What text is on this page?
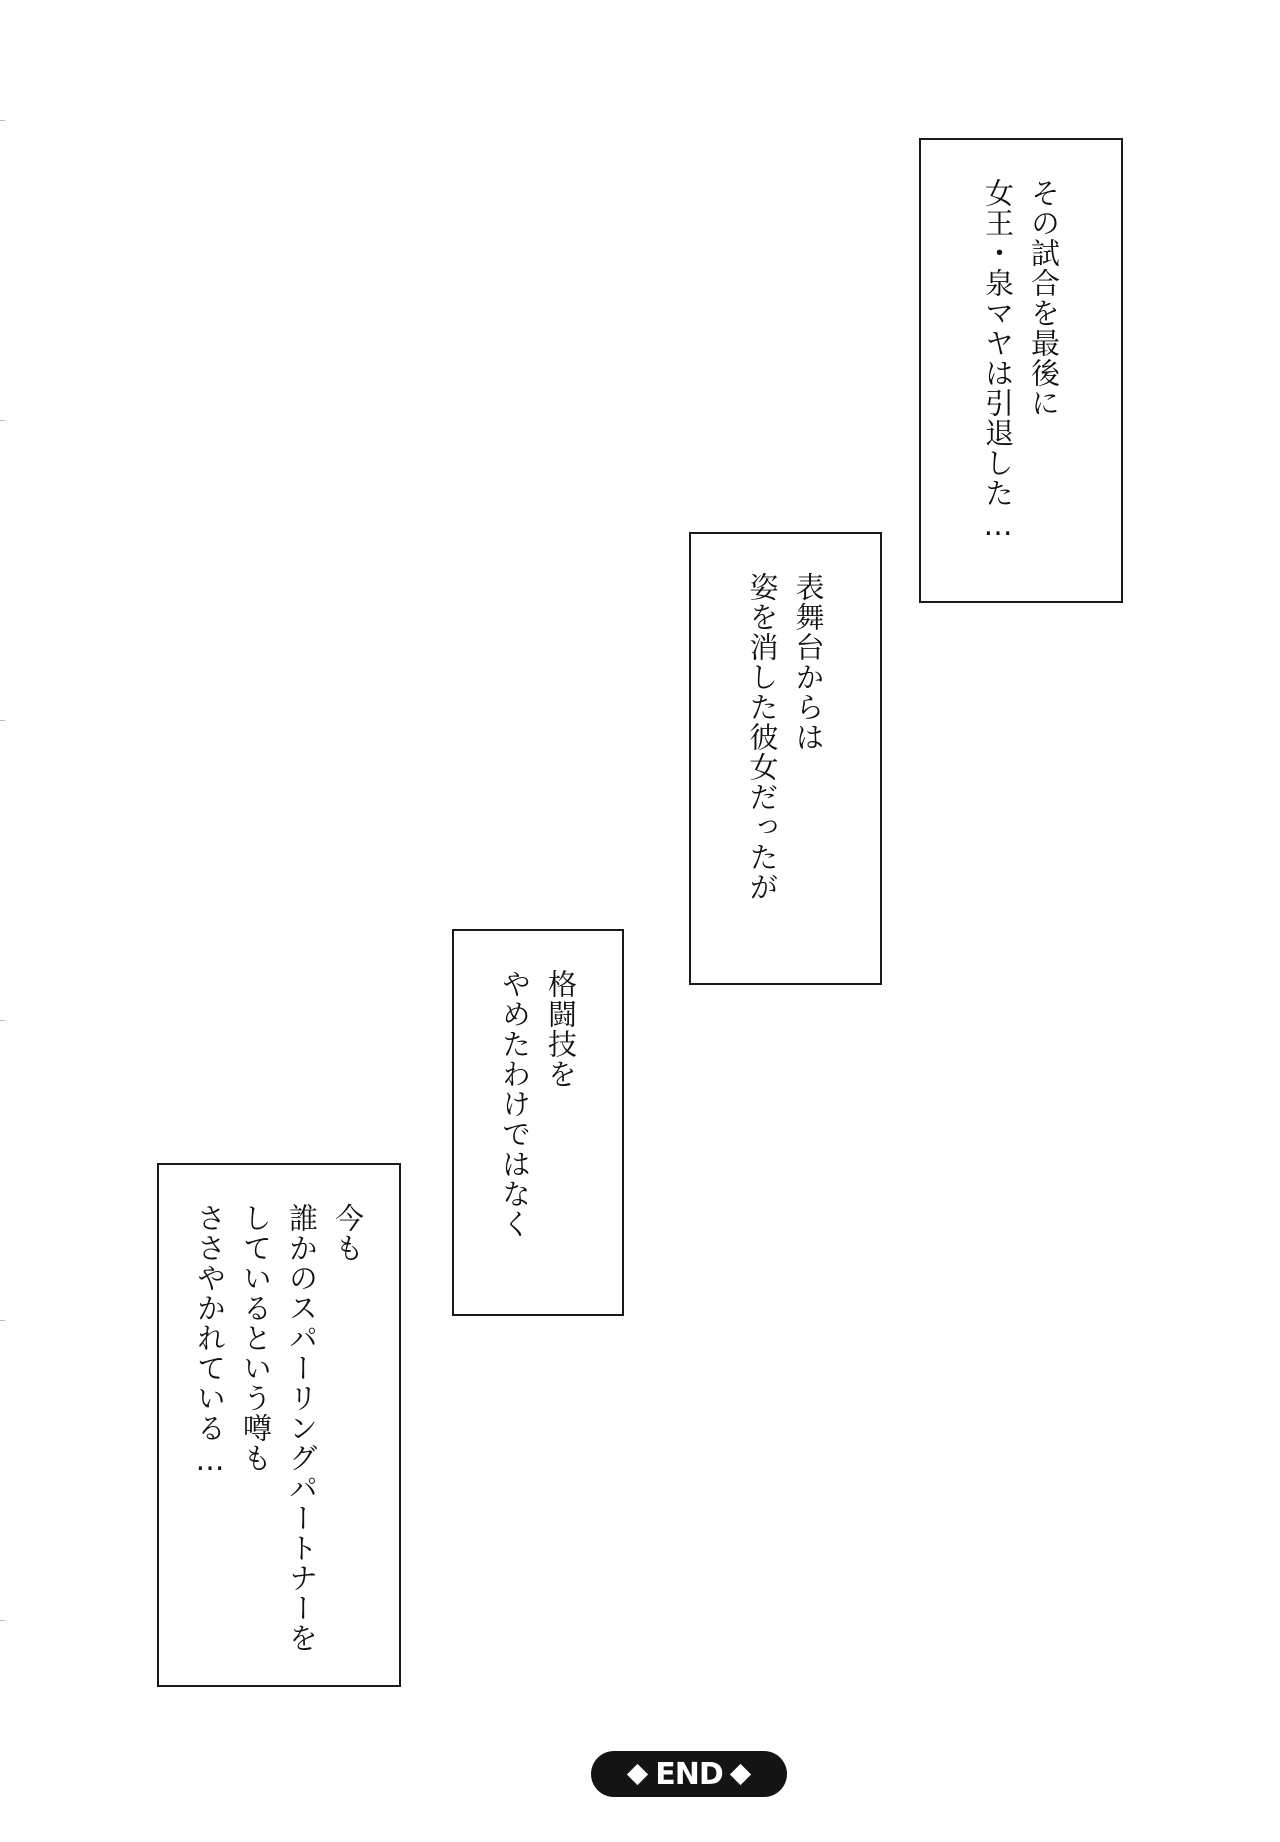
その試合を最後に
女王・泉マヤは引退した…
表舞台からは
姿を消した彼女だったが
格闘技を
やめたわけではなく
今も
誰かのスパーリングパートナーを
しているという噂も
ささやかれている…
END
